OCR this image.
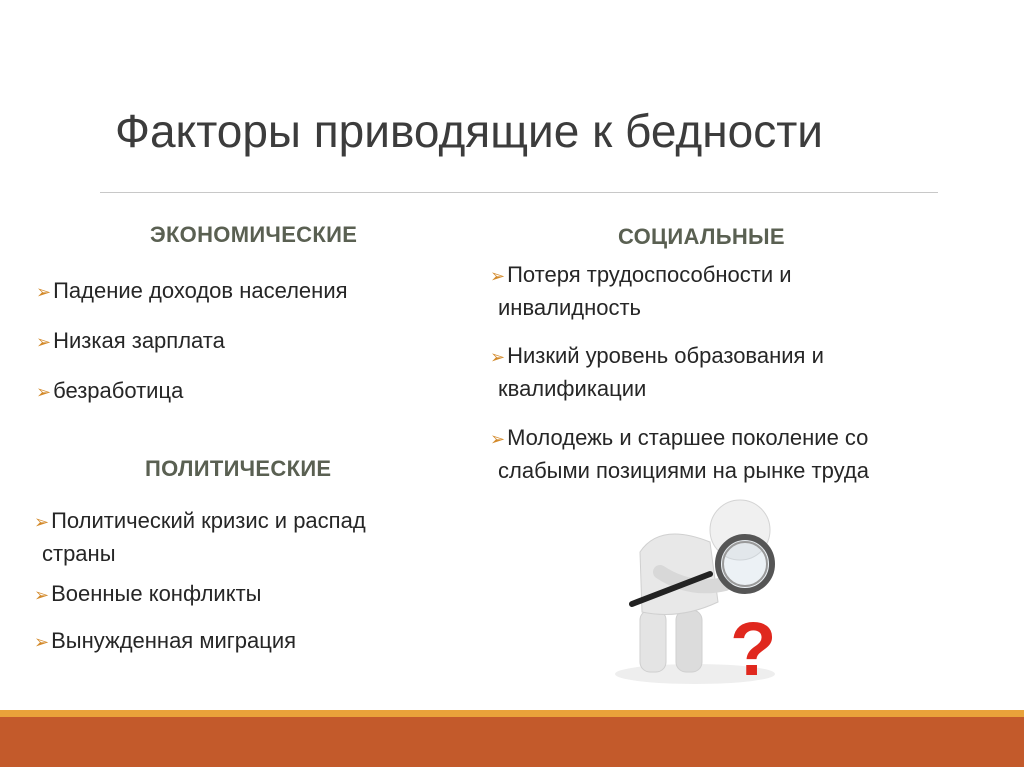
Факторы приводящие к бедности
ЭКОНОМИЧЕСКИЕ
➢Падение доходов населения
➢Низкая зарплата
➢безработица
ПОЛИТИЧЕСКИЕ
➢Политический кризис и распад
страны
➢Военные конфликты
➢Вынужденная миграция
СОЦИАЛЬНЫЕ
➢Потеря трудоспособности и
инвалидность
➢Низкий уровень образования и
квалификации
➢Молодежь и старшее поколение со
слабыми позициями на рынке труда
?
